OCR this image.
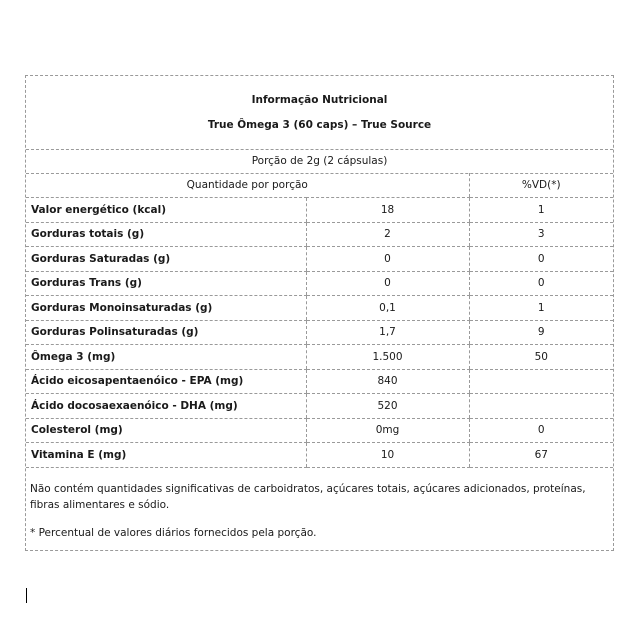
Informação Nutricional
True Ômega 3 (60 caps) – True Source
Porção de 2g (2 cápsulas)
Quantidade por porção		%VD(*)
Valor energético (kcal)	18	1
Gorduras totais (g)	2	3
Gorduras Saturadas (g)	0	0
Gorduras Trans (g)	0	0
Gorduras Monoinsaturadas (g)	0,1	1
Gorduras Polinsaturadas (g)	1,7	9
Ômega 3 (mg)	1.500	50
Ácido eicosapentaenóico - EPA (mg)	840	
Ácido docosaexaenóico - DHA (mg)	520	
Colesterol (mg)	0mg	0
Vitamina E (mg)	10	67

Não contém quantidades significativas de carboidratos, açúcares totais, açúcares adicionados, proteínas, fibras alimentares e sódio.

* Percentual de valores diários fornecidos pela porção.
